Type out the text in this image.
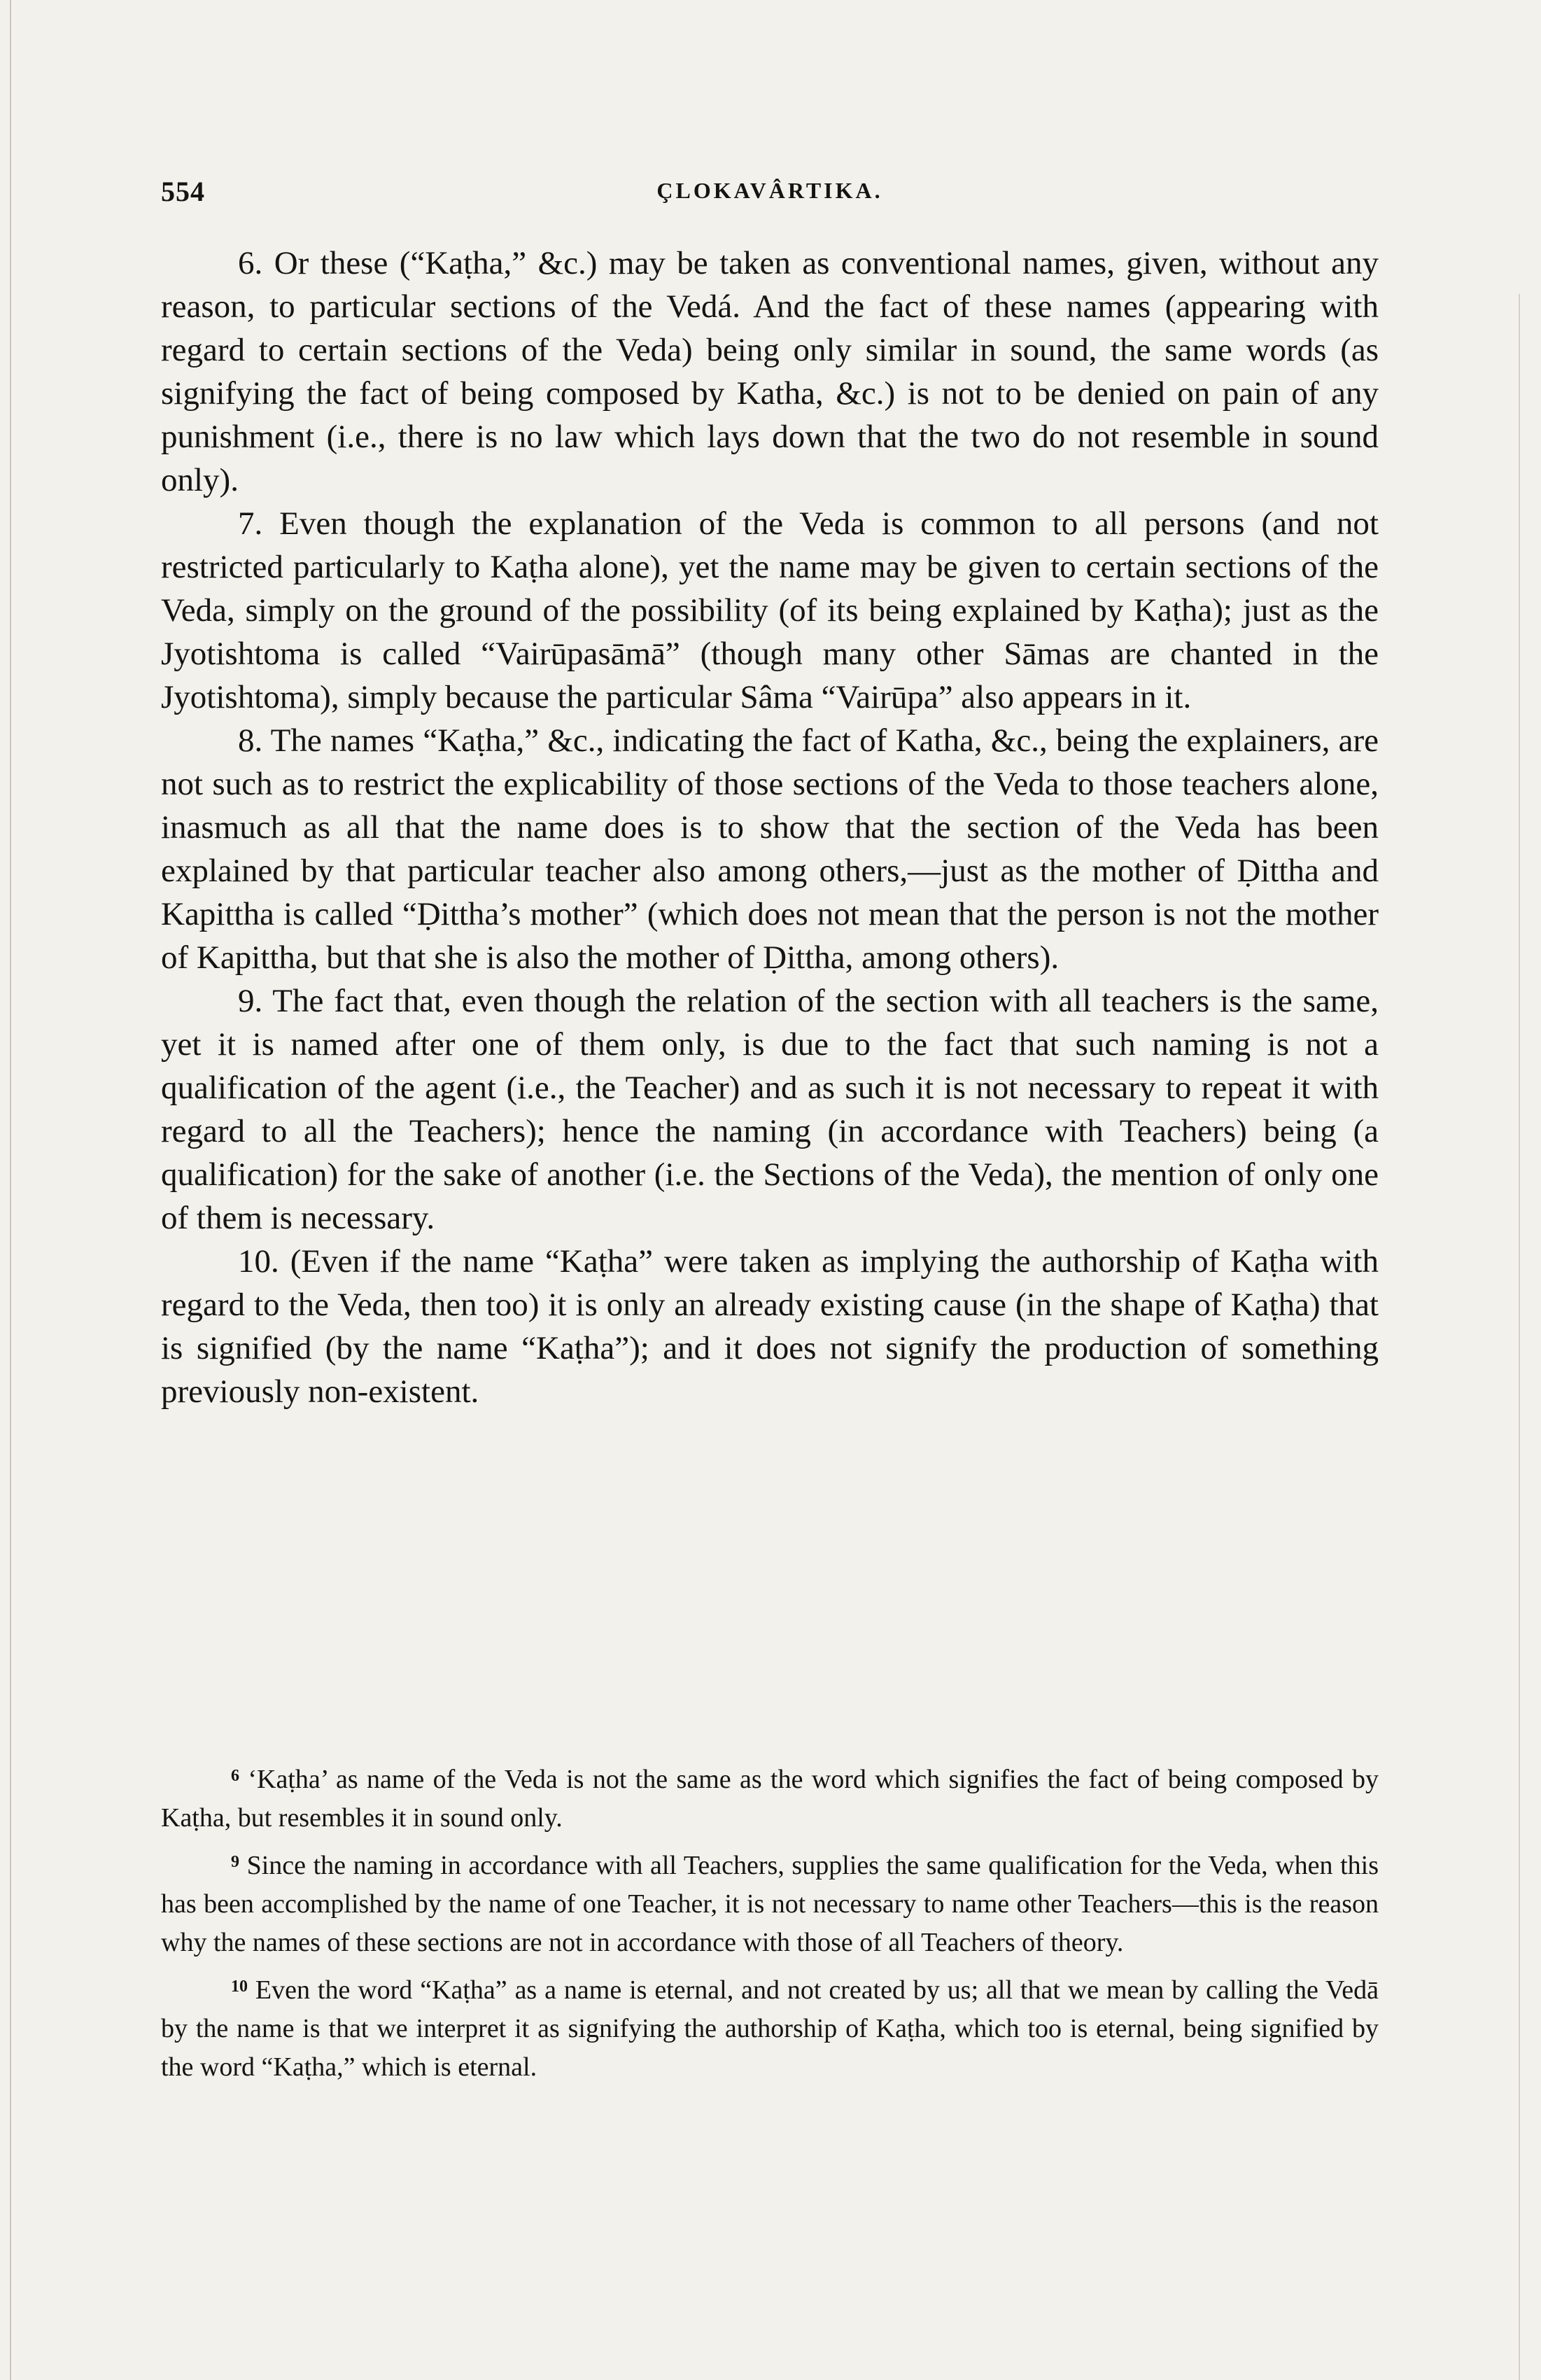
554	ÇLOKAVÂRTIKA.

6. Or these (“Kaṭha,” &c.) may be taken as conventional names, given, without any reason, to particular sections of the Vedá. And the fact of these names (appearing with regard to certain sections of the Veda) being only similar in sound, the same words (as signifying the fact of being composed by Katha, &c.) is not to be denied on pain of any punishment (i.e., there is no law which lays down that the two do not resemble in sound only).

7. Even though the explanation of the Veda is common to all persons (and not restricted particularly to Kaṭha alone), yet the name may be given to certain sections of the Veda, simply on the ground of the possibility (of its being explained by Kaṭha); just as the Jyotishtoma is called “Vairūpasāmā” (though many other Sāmas are chanted in the Jyotishtoma), simply because the particular Sâma “Vairūpa” also appears in it.

8. The names “Kaṭha,” &c., indicating the fact of Katha, &c., being the explainers, are not such as to restrict the explicability of those sections of the Veda to those teachers alone, inasmuch as all that the name does is to show that the section of the Veda has been explained by that particular teacher also among others,—just as the mother of Ḍittha and Kapittha is called “Ḍittha’s mother” (which does not mean that the person is not the mother of Kapittha, but that she is also the mother of Ḍittha, among others).

9. The fact that, even though the relation of the section with all teachers is the same, yet it is named after one of them only, is due to the fact that such naming is not a qualification of the agent (i.e., the Teacher) and as such it is not necessary to repeat it with regard to all the Teachers); hence the naming (in accordance with Teachers) being (a qualification) for the sake of another (i.e. the Sections of the Veda), the mention of only one of them is necessary.

10. (Even if the name “Kaṭha” were taken as implying the authorship of Kaṭha with regard to the Veda, then too) it is only an already existing cause (in the shape of Kaṭha) that is signified (by the name “Kaṭha”); and it does not signify the production of something previously non-existent.

$^6$ ‘Kaṭha’ as name of the Veda is not the same as the word which signifies the fact of being composed by Kaṭha, but resembles it in sound only.

$^9$ Since the naming in accordance with all Teachers, supplies the same qualification for the Veda, when this has been accomplished by the name of one Teacher, it is not necessary to name other Teachers—this is the reason why the names of these sections are not in accordance with those of all Teachers of theory.

$^{10}$ Even the word “Kaṭha” as a name is eternal, and not created by us; all that we mean by calling the Vedā by the name is that we interpret it as signifying the authorship of Kaṭha, which too is eternal, being signified by the word “Kaṭha,” which is eternal.
